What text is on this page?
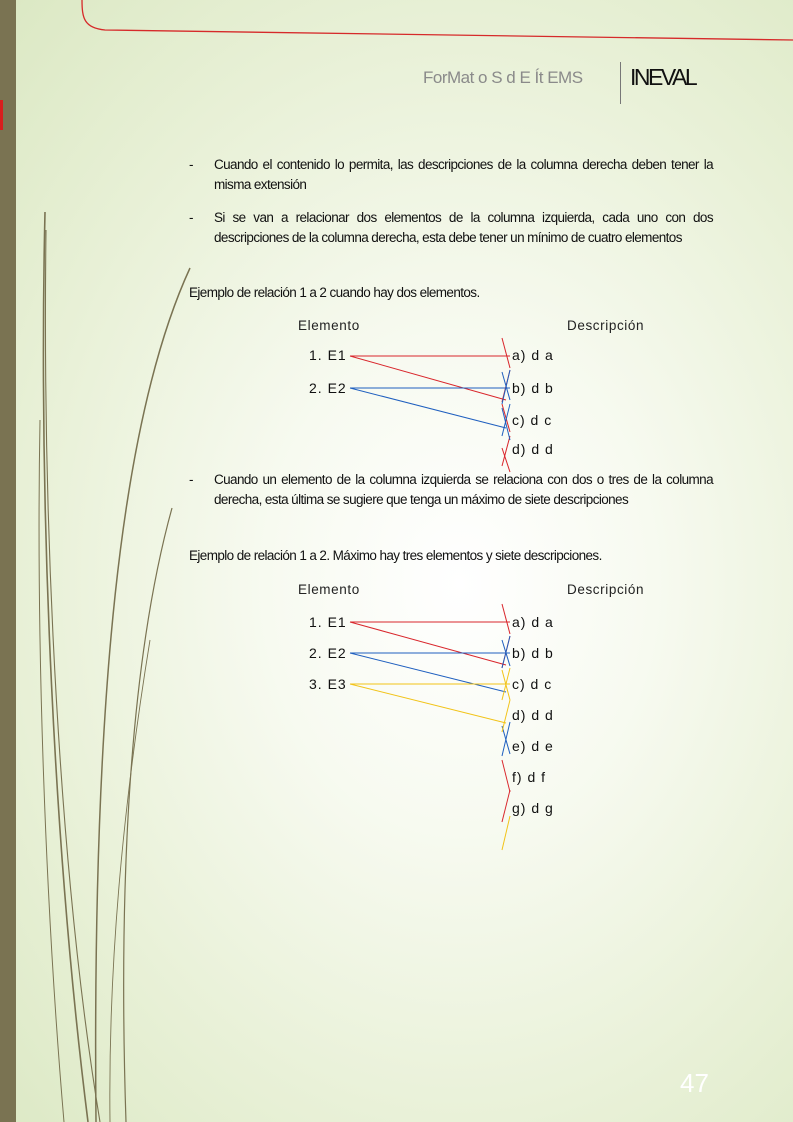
ForMat o S d E Ít EMS INEVAL
- Cuando el contenido lo permita, las descripciones de la columna derecha deben tener la misma extensión
- Si se van a relacionar dos elementos de la columna izquierda, cada uno con dos descripciones de la columna derecha, esta debe tener un mínimo de cuatro elementos
Ejemplo de relación 1 a 2 cuando hay dos elementos.
Elemento	Descripción
1. E1
2. E2
a) d a
b) d b
c) d c
d) d d
- Cuando un elemento de la columna izquierda se relaciona con dos o tres de la columna derecha, esta última se sugiere que tenga un máximo de siete descripciones
Ejemplo de relación 1 a 2. Máximo hay tres elementos y siete descripciones.
Elemento	Descripción
1. E1
2. E2
3. E3
a) d a
b) d b
c) d c
d) d d
e) d e
f) d f
g) d g
47
